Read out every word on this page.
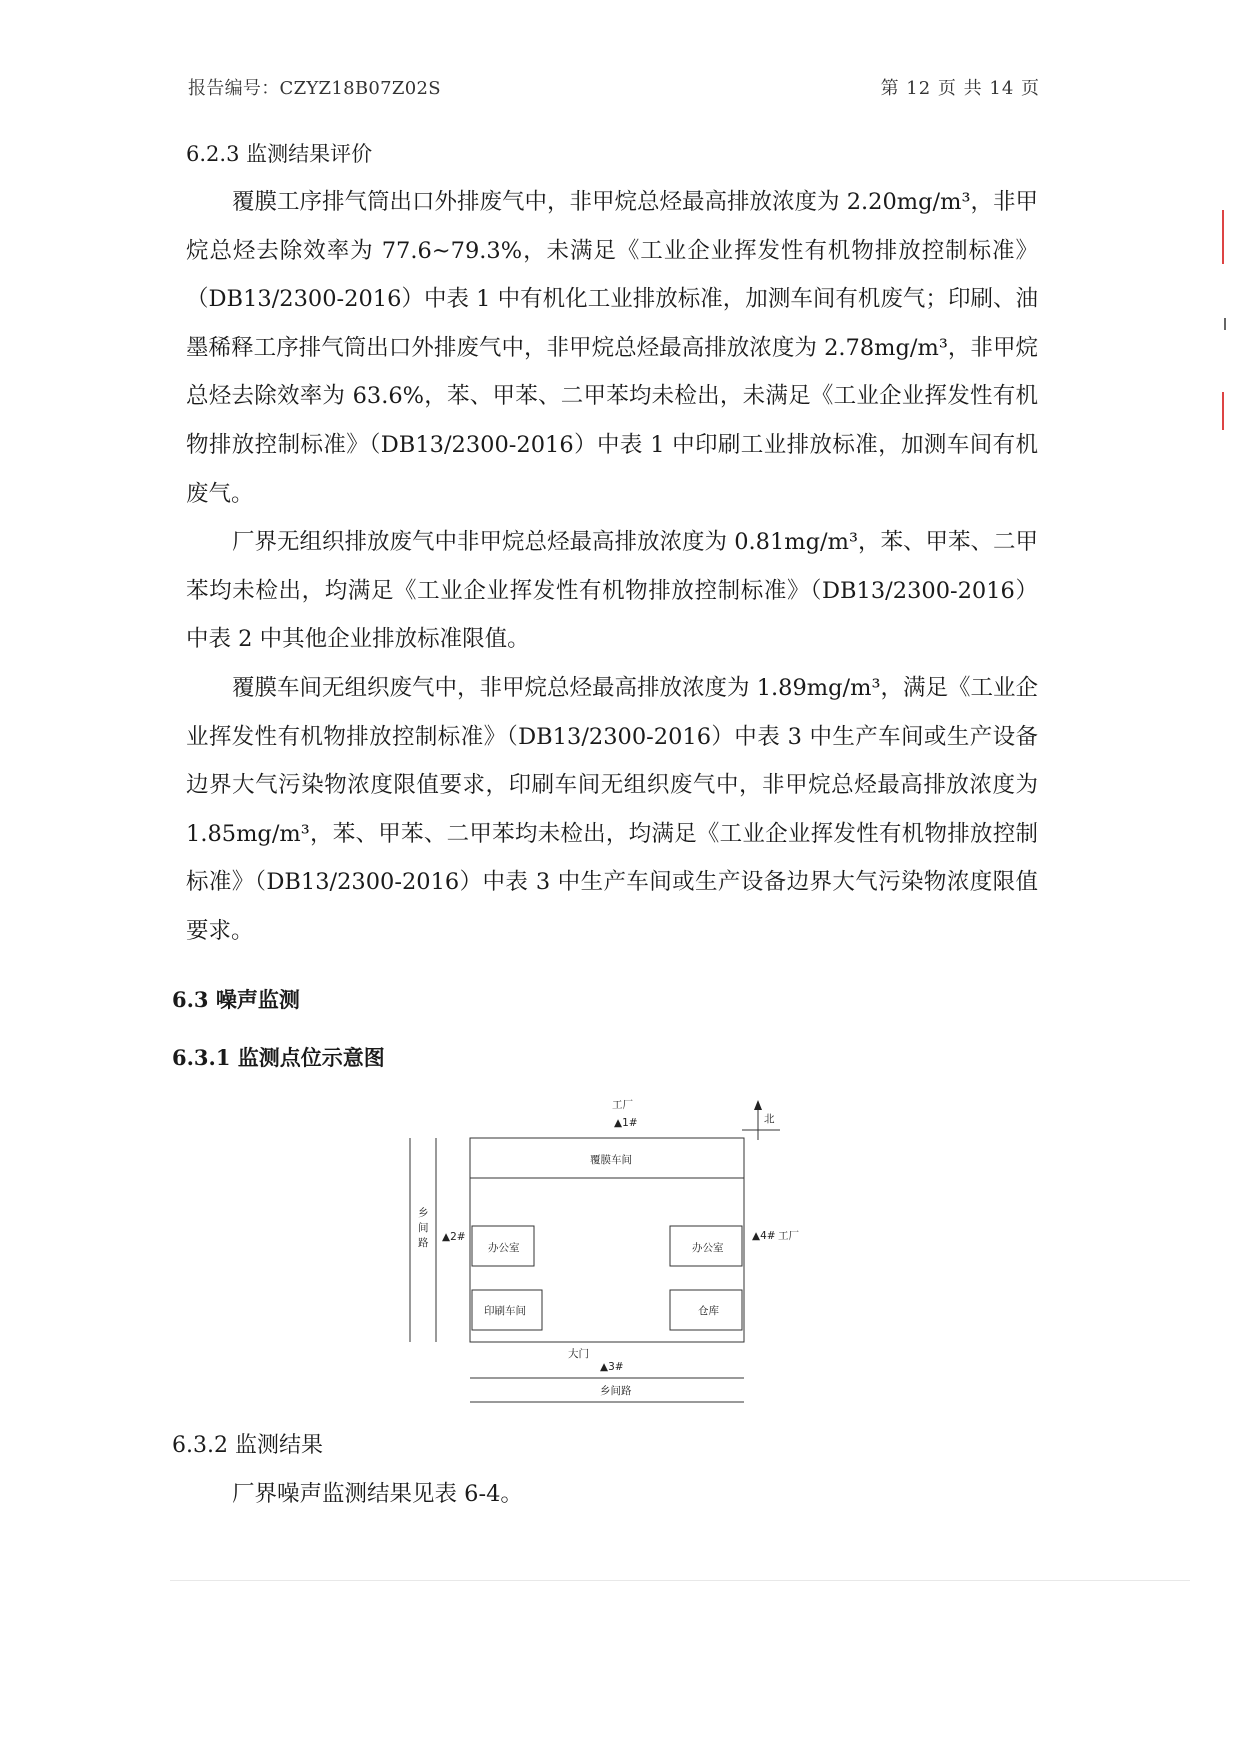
报告编号：CZYZ18B07Z02S	第 12 页 共 14 页
6.2.3 监测结果评价

覆膜工序排气筒出口外排废气中，非甲烷总烃最高排放浓度为 2.20mg/m³，非甲烷总烃去除效率为 77.6~79.3%，未满足《工业企业挥发性有机物排放控制标准》（DB13/2300-2016）中表 1 中有机化工业排放标准，加测车间有机废气；印刷、油墨稀释工序排气筒出口外排废气中，非甲烷总烃最高排放浓度为 2.78mg/m³，非甲烷总烃去除效率为 63.6%，苯、甲苯、二甲苯均未检出，未满足《工业企业挥发性有机物排放控制标准》（DB13/2300-2016）中表 1 中印刷工业排放标准，加测车间有机废气。

厂界无组织排放废气中非甲烷总烃最高排放浓度为 0.81mg/m³，苯、甲苯、二甲苯均未检出，均满足《工业企业挥发性有机物排放控制标准》（DB13/2300-2016）中表 2 中其他企业排放标准限值。

覆膜车间无组织废气中，非甲烷总烃最高排放浓度为 1.89mg/m³，满足《工业企业挥发性有机物排放控制标准》（DB13/2300-2016）中表 3 中生产车间或生产设备边界大气污染物浓度限值要求，印刷车间无组织废气中，非甲烷总烃最高排放浓度为 1.85mg/m³，苯、甲苯、二甲苯均未检出，均满足《工业企业挥发性有机物排放控制标准》（DB13/2300-2016）中表 3 中生产车间或生产设备边界大气污染物浓度限值要求。

6.3 噪声监测
6.3.1 监测点位示意图
乡
间
路
覆膜车间
办公室	办公室
印刷车间	仓库
大门
乡间路
▲3#
工厂
▲1#
▲2#	▲4# 工厂
北
6.3.2 监测结果

厂界噪声监测结果见表 6-4。
